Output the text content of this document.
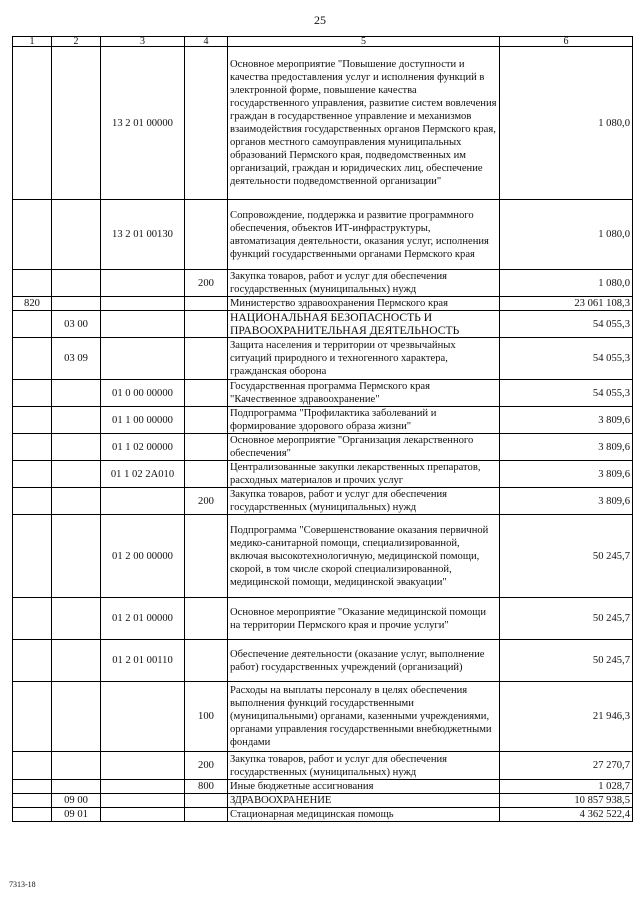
25
1	2	3	4	5	6
		13 2 01 00000		Основное мероприятие "Повышение доступности и качества предоставления услуг и исполнения функций в электронной форме, повышение качества государственного управления, развитие систем вовлечения граждан в государственное управление и механизмов взаимодействия государственных органов Пермского края, органов местного самоуправления муниципальных образований Пермского края, подведомственных им организаций, граждан и юридических лиц, обеспечение деятельности подведомственной организации"	1 080,0
		13 2 01 00130		Сопровождение, поддержка и развитие программного обеспечения, объектов ИТ-инфраструктуры, автоматизация деятельности, оказания услуг, исполнения функций государственными органами Пермского края	1 080,0
			200	Закупка товаров, работ и услуг для обеспечения государственных (муниципальных) нужд	1 080,0
820				Министерство здравоохранения Пермского края	23 061 108,3
	03 00			НАЦИОНАЛЬНАЯ БЕЗОПАСНОСТЬ И ПРАВООХРАНИТЕЛЬНАЯ ДЕЯТЕЛЬНОСТЬ	54 055,3
	03 09			Защита населения и территории от чрезвычайных ситуаций природного и техногенного характера, гражданская оборона	54 055,3
		01 0 00 00000		Государственная программа Пермского края "Качественное здравоохранение"	54 055,3
		01 1 00 00000		Подпрограмма "Профилактика заболеваний и формирование здорового образа жизни"	3 809,6
		01 1 02 00000		Основное мероприятие "Организация лекарственного обеспечения"	3 809,6
		01 1 02 2А010		Централизованные закупки лекарственных препаратов, расходных материалов и прочих услуг	3 809,6
			200	Закупка товаров, работ и услуг для обеспечения государственных (муниципальных) нужд	3 809,6
		01 2 00 00000		Подпрограмма "Совершенствование оказания первичной медико-санитарной помощи, специализированной, включая высокотехнологичную, медицинской помощи, скорой, в том числе скорой специализированной, медицинской помощи, медицинской эвакуации"	50 245,7
		01 2 01 00000		Основное мероприятие "Оказание медицинской помощи на территории Пермского края и прочие услуги"	50 245,7
		01 2 01 00110		Обеспечение деятельности (оказание услуг, выполнение работ) государственных учреждений (организаций)	50 245,7
			100	Расходы на выплаты персоналу в целях обеспечения выполнения функций государственными (муниципальными) органами, казенными учреждениями, органами управления государственными внебюджетными фондами	21 946,3
			200	Закупка товаров, работ и услуг для обеспечения государственных (муниципальных) нужд	27 270,7
			800	Иные бюджетные ассигнования	1 028,7
	09 00			ЗДРАВООХРАНЕНИЕ	10 857 938,5
	09 01			Стационарная медицинская помощь	4 362 522,4
7313-18
